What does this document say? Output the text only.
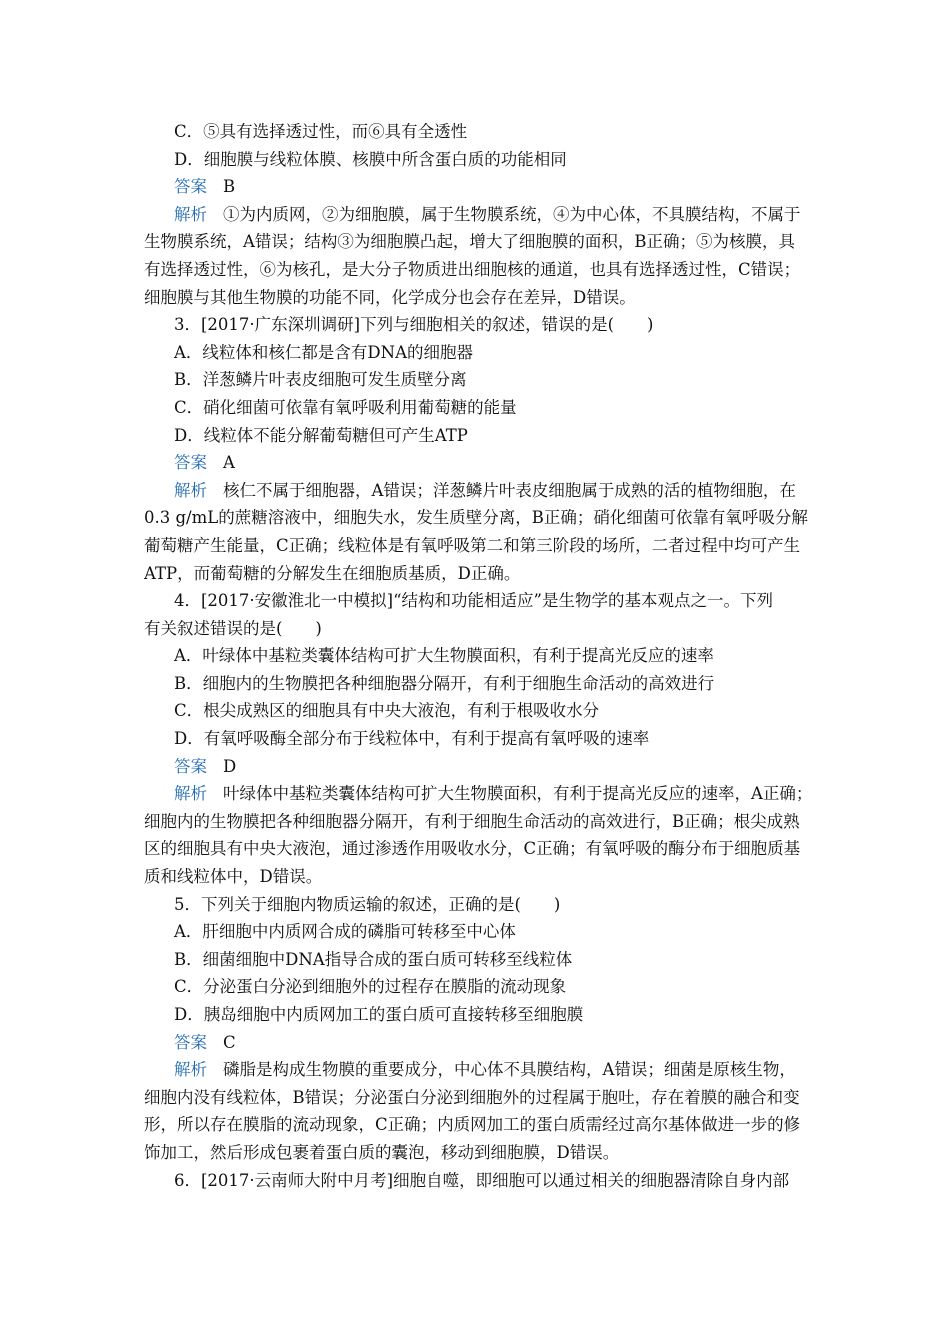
C．⑤具有选择透过性，而⑥具有全透性
D．细胞膜与线粒体膜、核膜中所含蛋白质的功能相同
答案 B
解析 ①为内质网，②为细胞膜，属于生物膜系统，④为中心体，不具膜结构，不属于
生物膜系统，A错误；结构③为细胞膜凸起，增大了细胞膜的面积，B正确；⑤为核膜，具
有选择透过性，⑥为核孔，是大分子物质进出细胞核的通道，也具有选择透过性，C错误；
细胞膜与其他生物膜的功能不同，化学成分也会存在差异，D错误。
3．[2017·广东深圳调研]下列与细胞相关的叙述，错误的是(　　)
A．线粒体和核仁都是含有DNA的细胞器
B．洋葱鳞片叶表皮细胞可发生质壁分离
C．硝化细菌可依靠有氧呼吸利用葡萄糖的能量
D．线粒体不能分解葡萄糖但可产生ATP
答案 A
解析 核仁不属于细胞器，A错误；洋葱鳞片叶表皮细胞属于成熟的活的植物细胞，在
0.3 g/mL的蔗糖溶液中，细胞失水，发生质壁分离，B正确；硝化细菌可依靠有氧呼吸分解
葡萄糖产生能量，C正确；线粒体是有氧呼吸第二和第三阶段的场所，二者过程中均可产生
ATP，而葡萄糖的分解发生在细胞质基质，D正确。
4．[2017·安徽淮北一中模拟]“结构和功能相适应”是生物学的基本观点之一。下列
有关叙述错误的是(　　)
A．叶绿体中基粒类囊体结构可扩大生物膜面积，有利于提高光反应的速率
B．细胞内的生物膜把各种细胞器分隔开，有利于细胞生命活动的高效进行
C．根尖成熟区的细胞具有中央大液泡，有利于根吸收水分
D．有氧呼吸酶全部分布于线粒体中，有利于提高有氧呼吸的速率
答案 D
解析 叶绿体中基粒类囊体结构可扩大生物膜面积，有利于提高光反应的速率，A正确；
细胞内的生物膜把各种细胞器分隔开，有利于细胞生命活动的高效进行，B正确；根尖成熟
区的细胞具有中央大液泡，通过渗透作用吸收水分，C正确；有氧呼吸的酶分布于细胞质基
质和线粒体中，D错误。
5．下列关于细胞内物质运输的叙述，正确的是(　　)
A．肝细胞中内质网合成的磷脂可转移至中心体
B．细菌细胞中DNA指导合成的蛋白质可转移至线粒体
C．分泌蛋白分泌到细胞外的过程存在膜脂的流动现象
D．胰岛细胞中内质网加工的蛋白质可直接转移至细胞膜
答案 C
解析 磷脂是构成生物膜的重要成分，中心体不具膜结构，A错误；细菌是原核生物，
细胞内没有线粒体，B错误；分泌蛋白分泌到细胞外的过程属于胞吐，存在着膜的融合和变
形，所以存在膜脂的流动现象，C正确；内质网加工的蛋白质需经过高尔基体做进一步的修
饰加工，然后形成包裹着蛋白质的囊泡，移动到细胞膜，D错误。
6．[2017·云南师大附中月考]细胞自噬，即细胞可以通过相关的细胞器清除自身内部
